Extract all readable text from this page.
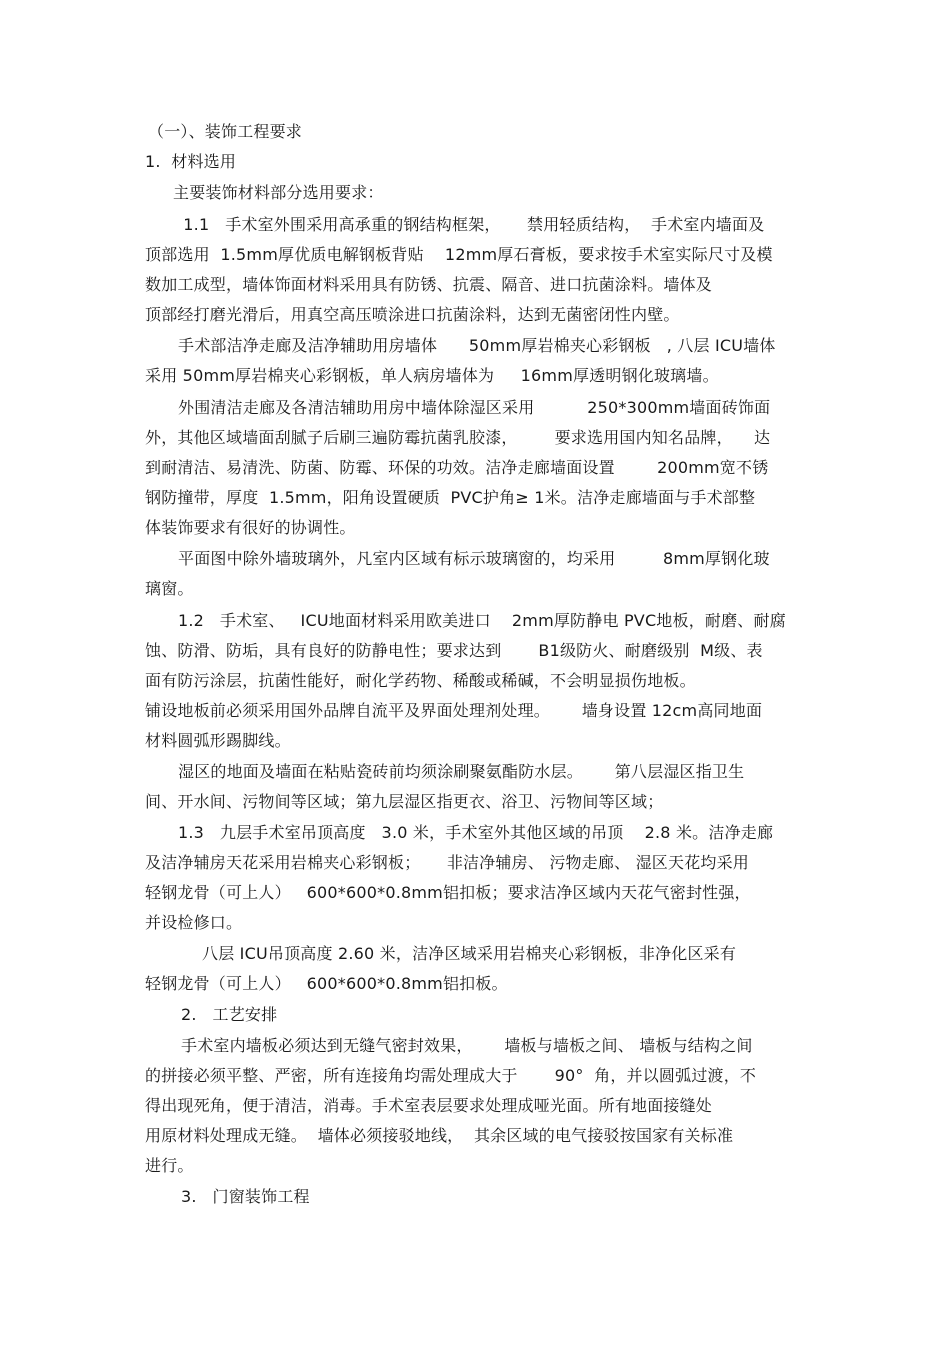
（一）、装饰工程要求
1.  材料选用
主要装饰材料部分选用要求：
1.1   手术室外围采用高承重的钢结构框架，     禁用轻质结构，  手术室内墙面及
顶部选用  1.5mm厚优质电解钢板背贴    12mm厚石膏板，要求按手术室实际尺寸及模
数加工成型，墙体饰面材料采用具有防锈、抗震、隔音、进口抗菌涂料。墙体及
顶部经打磨光滑后，用真空高压喷涂进口抗菌涂料，达到无菌密闭性内壁。
手术部洁净走廊及洁净辅助用房墙体      50mm厚岩棉夹心彩钢板   , 八层 ICU墙体
采用 50mm厚岩棉夹心彩钢板，单人病房墙体为     16mm厚透明钢化玻璃墙。
外围清洁走廊及各清洁辅助用房中墙体除湿区采用          250*300mm墙面砖饰面
外，其他区域墙面刮腻子后刷三遍防霉抗菌乳胶漆，       要求选用国内知名品牌，    达
到耐清洁、易清洗、防菌、防霉、环保的功效。洁净走廊墙面设置        200mm宽不锈
钢防撞带，厚度  1.5mm，阳角设置硬质  PVC护角≥ 1米。洁净走廊墙面与手术部整
体装饰要求有很好的协调性。
平面图中除外墙玻璃外，凡室内区域有标示玻璃窗的，均采用         8mm厚钢化玻
璃窗。
1.2   手术室、   ICU地面材料采用欧美进口    2mm厚防静电 PVC地板，耐磨、耐腐
蚀、防滑、防垢，具有良好的防静电性；要求达到       B1级防火、耐磨级别  M级、表
面有防污涂层，抗菌性能好，耐化学药物、稀酸或稀碱，不会明显损伤地板。
铺设地板前必须采用国外品牌自流平及界面处理剂处理。      墙身设置 12cm高同地面
材料圆弧形踢脚线。
湿区的地面及墙面在粘贴瓷砖前均须涂刷聚氨酯防水层。      第八层湿区指卫生
间、开水间、污物间等区域；第九层湿区指更衣、浴卫、污物间等区域；
1.3   九层手术室吊顶高度   3.0 米，手术室外其他区域的吊顶    2.8 米。洁净走廊
及洁净辅房天花采用岩棉夹心彩钢板；     非洁净辅房、 污物走廊、 湿区天花均采用
轻钢龙骨（可上人）   600*600*0.8mm铝扣板；要求洁净区域内天花气密封性强，
并设检修口。
八层 ICU吊顶高度 2.60 米，洁净区域采用岩棉夹心彩钢板，非净化区采有
轻钢龙骨（可上人）   600*600*0.8mm铝扣板。
2.   工艺安排
手术室内墙板必须达到无缝气密封效果，      墙板与墙板之间、 墙板与结构之间
的拼接必须平整、严密，所有连接角均需处理成大于       90°  角，并以圆弧过渡，不
得出现死角，便于清洁，消毒。手术室表层要求处理成哑光面。所有地面接缝处
用原材料处理成无缝。  墙体必须接驳地线，  其余区域的电气接驳按国家有关标准
进行。
3.   门窗装饰工程
